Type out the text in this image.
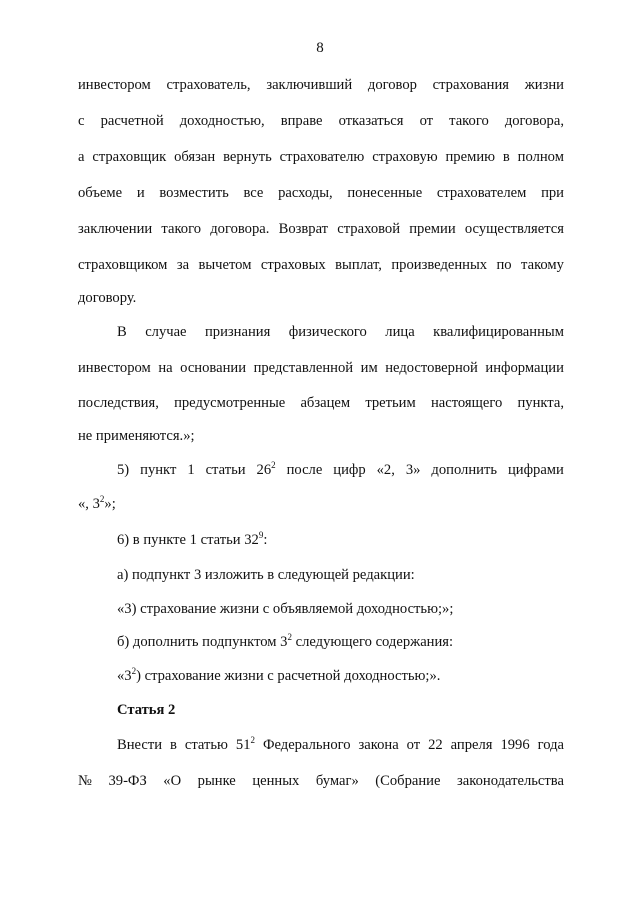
8
инвестором страхователь, заключивший договор страхования жизни
с расчетной доходностью, вправе отказаться от такого договора,
а страховщик обязан вернуть страхователю страховую премию в полном
объеме и возместить все расходы, понесенные страхователем при
заключении такого договора. Возврат страховой премии осуществляется
страховщиком за вычетом страховых выплат, произведенных по такому
договору.
В случае признания физического лица квалифицированным
инвестором на основании представленной им недостоверной информации
последствия, предусмотренные абзацем третьим настоящего пункта,
не применяются.»;
5) пункт 1 статьи $26^2$ после цифр «2, 3» дополнить цифрами
«, $3^2$»;
6) в пункте 1 статьи $32^9$:
а) подпункт 3 изложить в следующей редакции:
«3) страхование жизни с объявляемой доходностью;»;
б) дополнить подпунктом $3^2$ следующего содержания:
«$3^2$) страхование жизни с расчетной доходностью;».
Статья 2
Внести в статью $51^2$ Федерального закона от 22 апреля 1996 года
№ 39-ФЗ «О рынке ценных бумаг» (Собрание законодательства
